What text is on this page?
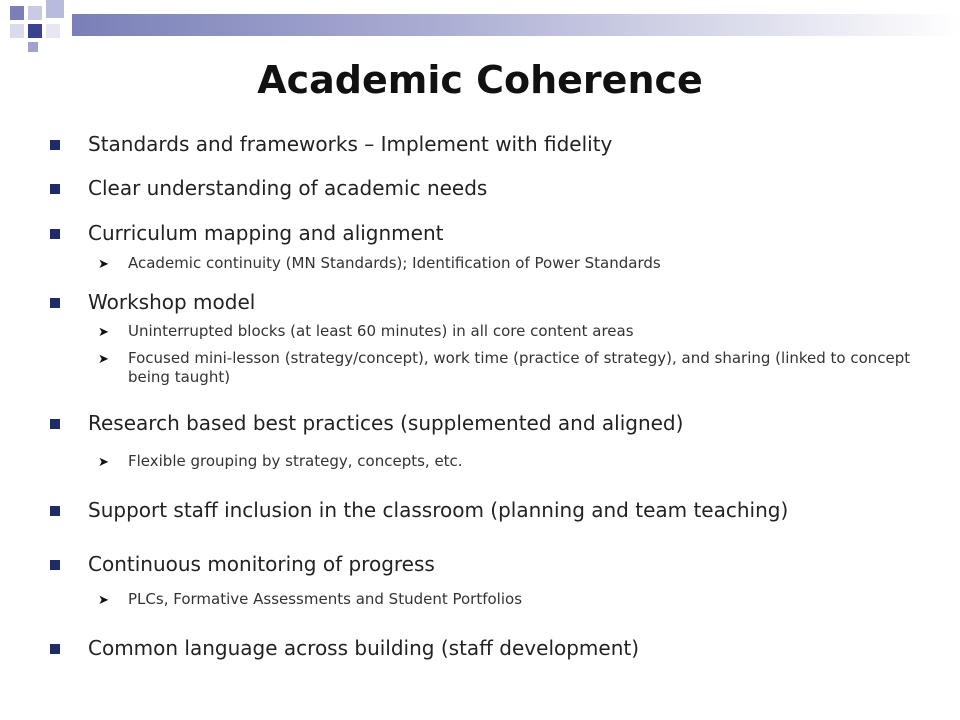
Academic Coherence
Standards and frameworks – Implement with fidelity
Clear understanding of academic needs
Curriculum mapping and alignment
➤ Academic continuity (MN Standards); Identification of Power Standards
Workshop model
➤ Uninterrupted blocks (at least 60 minutes) in all core content areas
➤ Focused mini-lesson (strategy/concept), work time (practice of strategy), and sharing (linked to concept being taught)
Research based best practices (supplemented and aligned)
➤ Flexible grouping by strategy, concepts, etc.
Support staff inclusion in the classroom (planning and team teaching)
Continuous monitoring of progress
➤ PLCs, Formative Assessments and Student Portfolios
Common language across building (staff development)
